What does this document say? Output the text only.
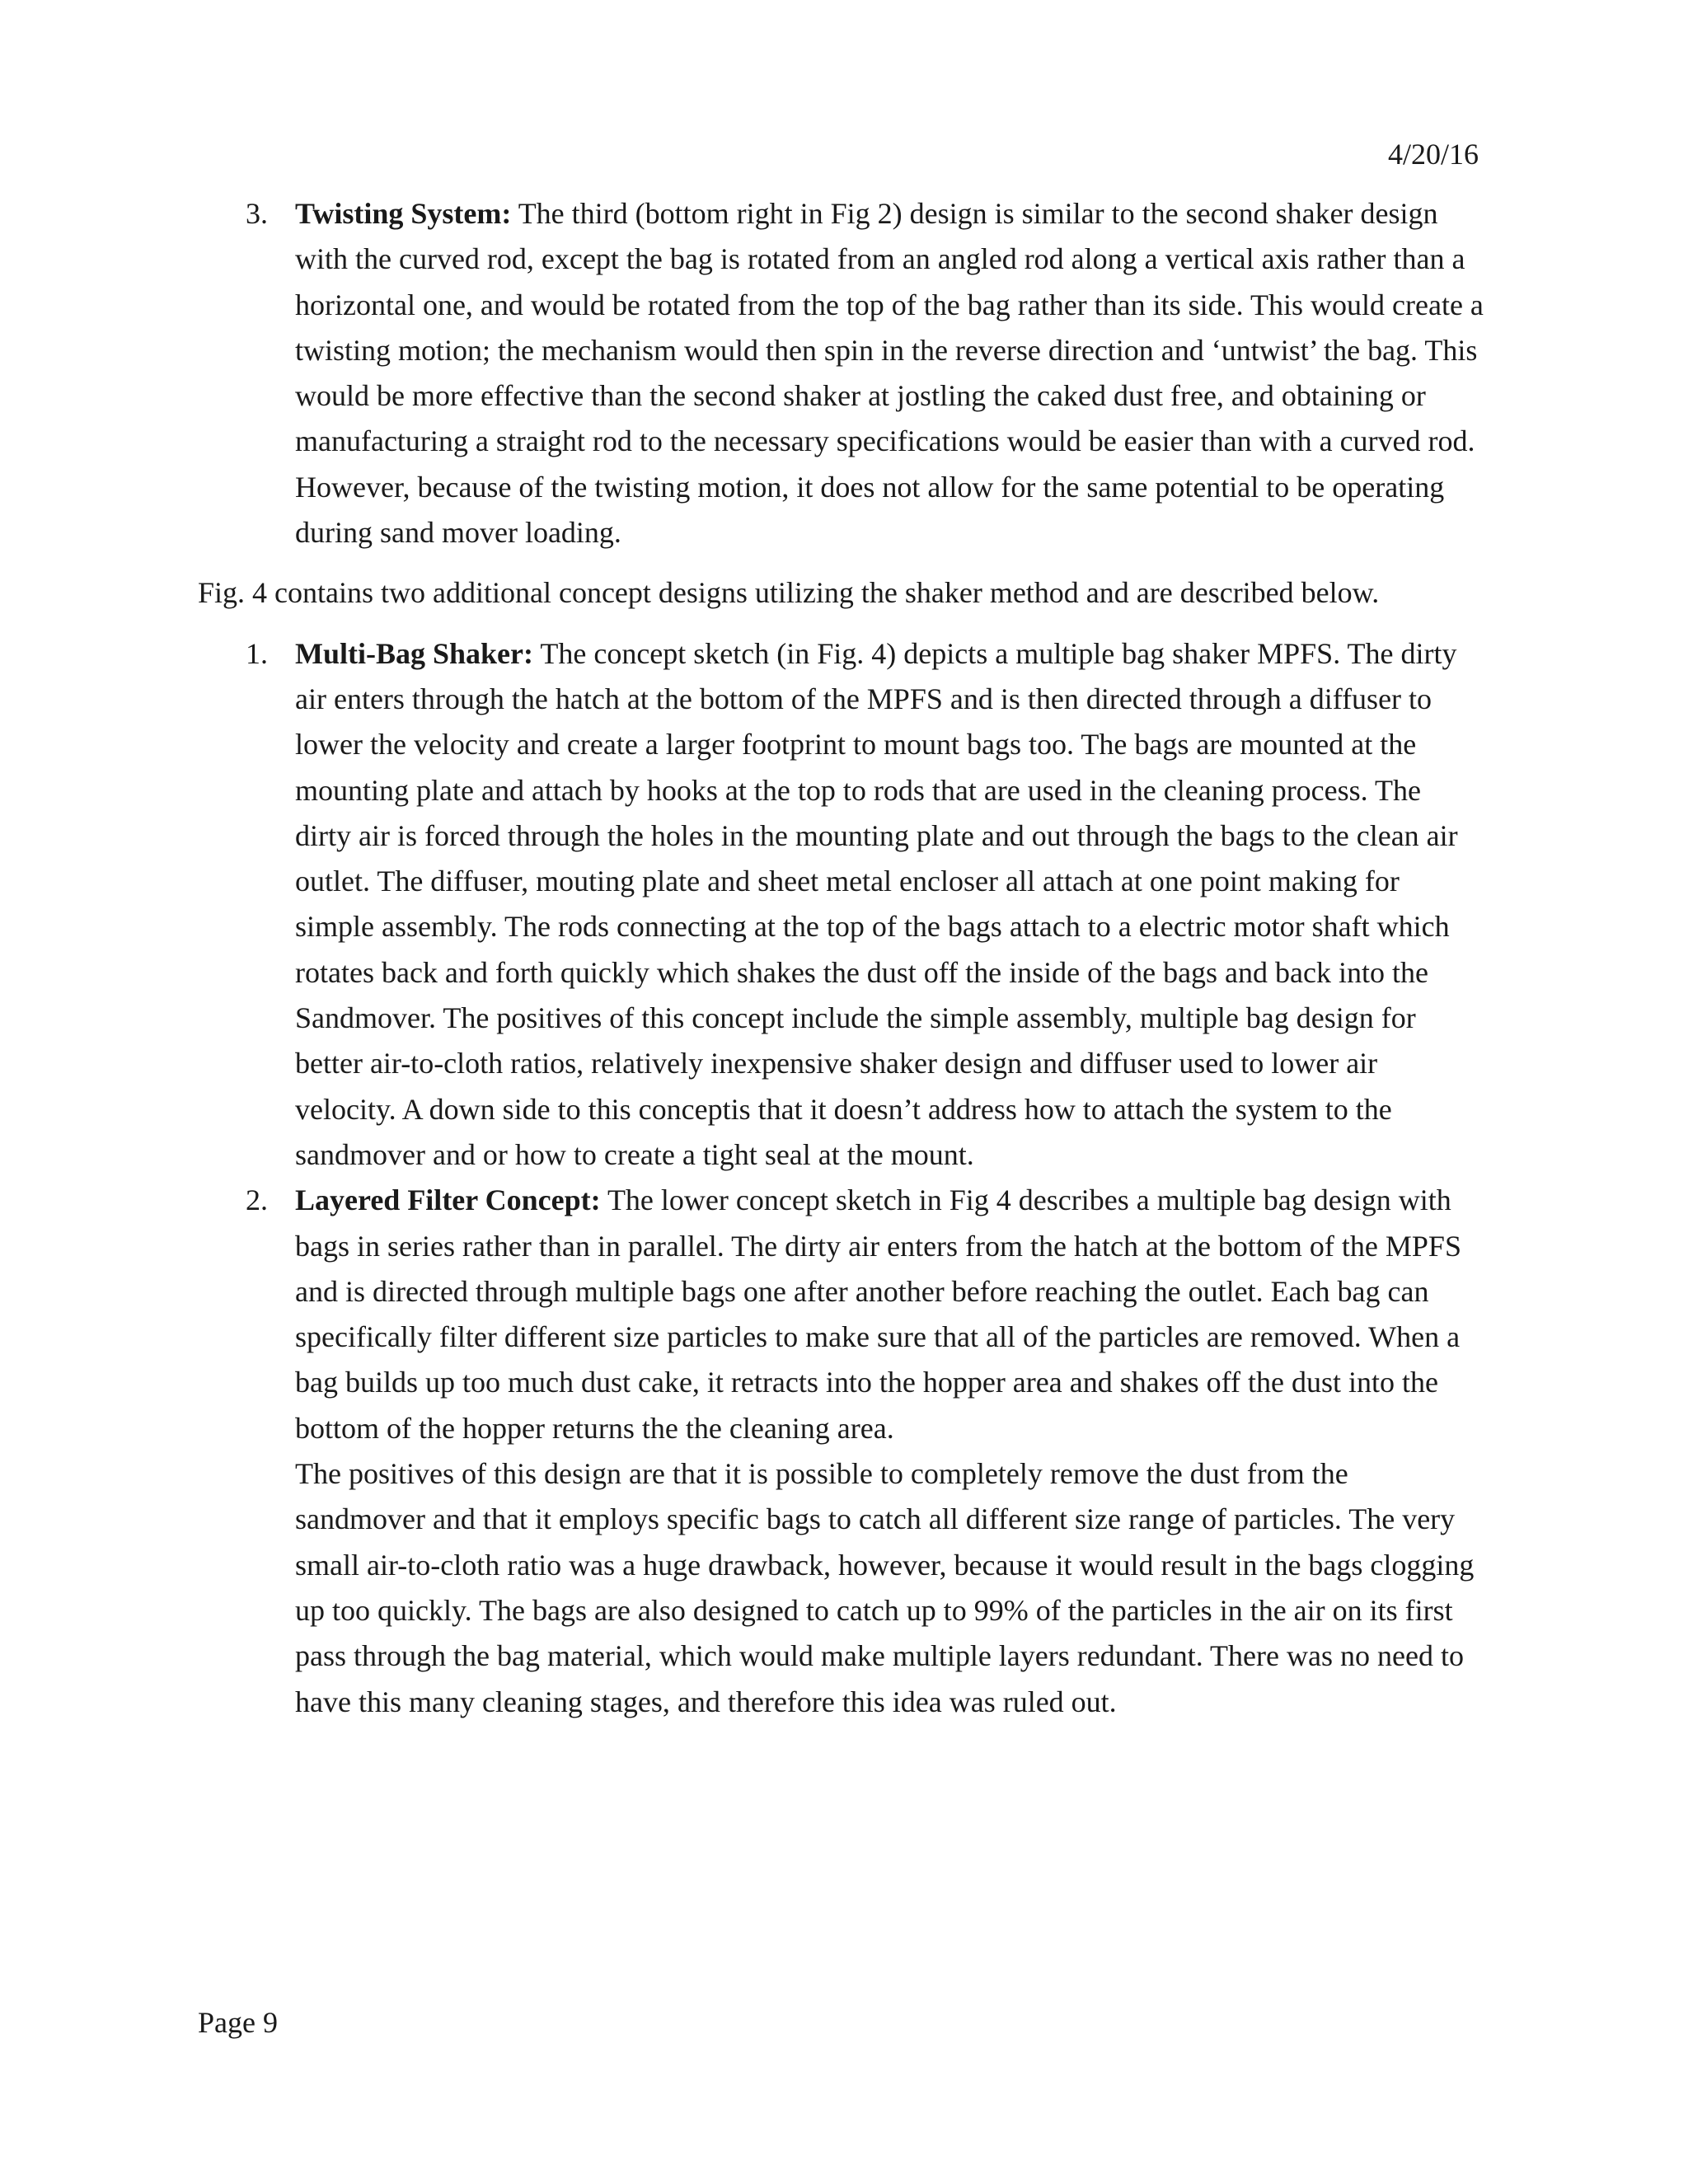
4/20/16
3. Twisting System: The third (bottom right in Fig 2) design is similar to the second shaker design with the curved rod, except the bag is rotated from an angled rod along a vertical axis rather than a horizontal one, and would be rotated from the top of the bag rather than its side. This would create a twisting motion; the mechanism would then spin in the reverse direction and ‘untwist’ the bag. This would be more effective than the second shaker at jostling the caked dust free, and obtaining or manufacturing a straight rod to the necessary specifications would be easier than with a curved rod. However, because of the twisting motion, it does not allow for the same potential to be operating during sand mover loading.

Fig. 4 contains two additional concept designs utilizing the shaker method and are described below.

1. Multi-Bag Shaker: The concept sketch (in Fig. 4) depicts a multiple bag shaker MPFS. The dirty air enters through the hatch at the bottom of the MPFS and is then directed through a diffuser to lower the velocity and create a larger footprint to mount bags too. The bags are mounted at the mounting plate and attach by hooks at the top to rods that are used in the cleaning process. The dirty air is forced through the holes in the mounting plate and out through the bags to the clean air outlet. The diffuser, mouting plate and sheet metal encloser all attach at one point making for simple assembly. The rods connecting at the top of the bags attach to a electric motor shaft which rotates back and forth quickly which shakes the dust off the inside of the bags and back into the Sandmover. The positives of this concept include the simple assembly, multiple bag design for better air-to-cloth ratios, relatively inexpensive shaker design and diffuser used to lower air velocity. A down side to this conceptis that it doesn’t address how to attach the system to the sandmover and or how to create a tight seal at the mount.
2. Layered Filter Concept: The lower concept sketch in Fig 4 describes a multiple bag design with bags in series rather than in parallel. The dirty air enters from the hatch at the bottom of the MPFS and is directed through multiple bags one after another before reaching the outlet. Each bag can specifically filter different size particles to make sure that all of the particles are removed. When a bag builds up too much dust cake, it retracts into the hopper area and shakes off the dust into the bottom of the hopper returns the the cleaning area.
The positives of this design are that it is possible to completely remove the dust from the sandmover and that it employs specific bags to catch all different size range of particles. The very small air-to-cloth ratio was a huge drawback, however, because it would result in the bags clogging up too quickly. The bags are also designed to catch up to 99% of the particles in the air on its first pass through the bag material, which would make multiple layers redundant. There was no need to have this many cleaning stages, and therefore this idea was ruled out.
Page 9
